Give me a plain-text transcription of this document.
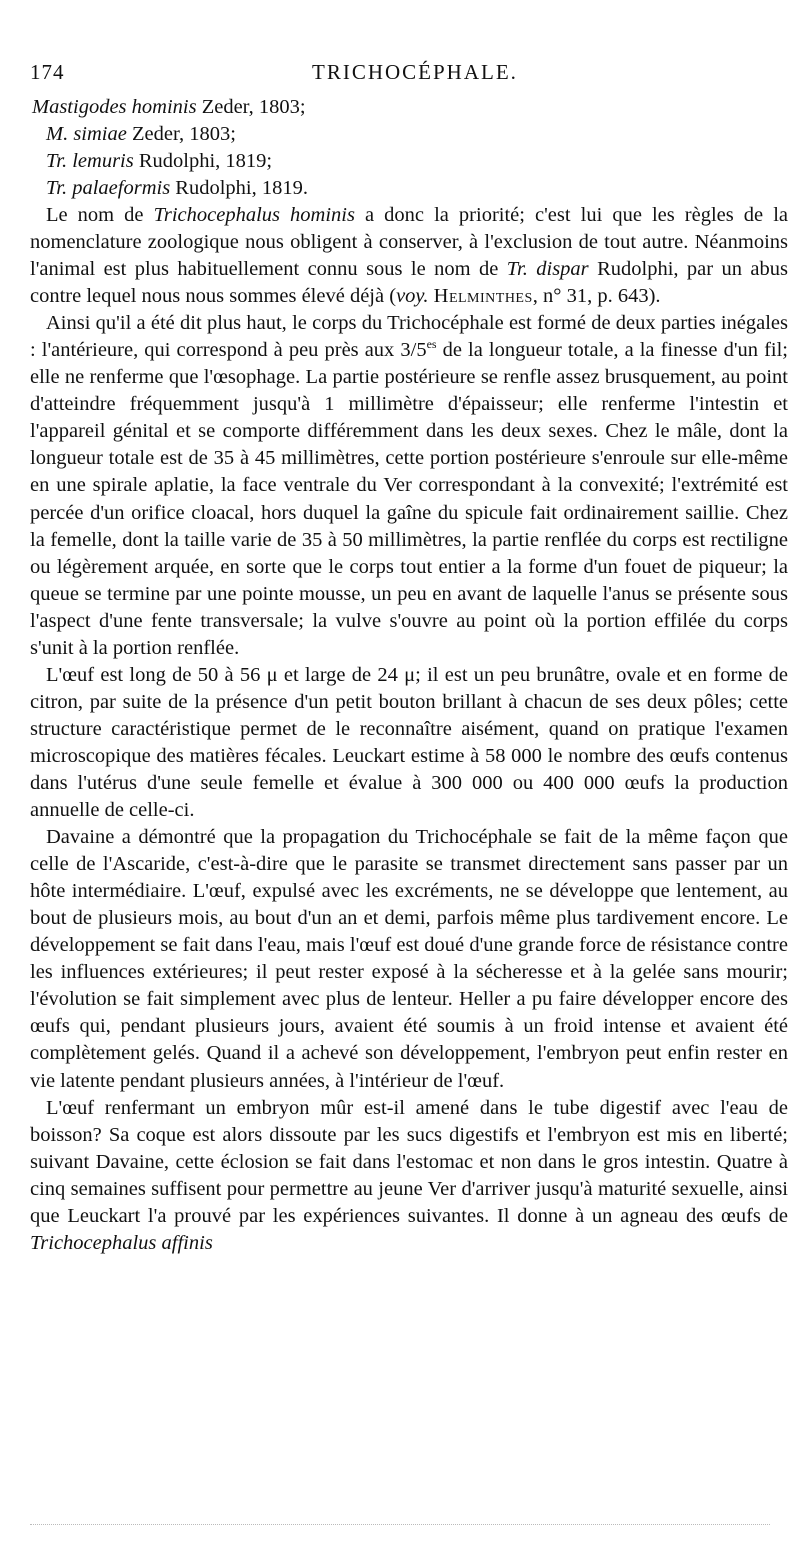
174	TRICHOCÉPHALE.
Mastigodes hominis Zeder, 1803;
M. simiae Zeder, 1803;
Tr. lemuris Rudolphi, 1819;
Tr. palaeformis Rudolphi, 1819.

Le nom de Trichocephalus hominis a donc la priorité; c'est lui que les règles de la nomenclature zoologique nous obligent à conserver, à l'exclusion de tout autre. Néanmoins l'animal est plus habituellement connu sous le nom de Tr. dispar Rudolphi, par un abus contre lequel nous nous sommes élevé déjà (voy. Helminthes, n° 31, p. 643).

Ainsi qu'il a été dit plus haut, le corps du Trichocéphale est formé de deux parties inégales : l'antérieure, qui correspond à peu près aux $3/5^{es}$ de la longueur totale, a la finesse d'un fil; elle ne renferme que l'œsophage. La partie postérieure se renfle assez brusquement, au point d'atteindre fréquemment jusqu'à 1 millimètre d'épaisseur; elle renferme l'intestin et l'appareil génital et se comporte différemment dans les deux sexes. Chez le mâle, dont la longueur totale est de 35 à 45 millimètres, cette portion postérieure s'enroule sur elle-même en une spirale aplatie, la face ventrale du Ver correspondant à la convexité; l'extrémité est percée d'un orifice cloacal, hors duquel la gaîne du spicule fait ordinairement saillie. Chez la femelle, dont la taille varie de 35 à 50 millimètres, la partie renflée du corps est rectiligne ou légèrement arquée, en sorte que le corps tout entier a la forme d'un fouet de piqueur; la queue se termine par une pointe mousse, un peu en avant de laquelle l'anus se présente sous l'aspect d'une fente transversale; la vulve s'ouvre au point où la portion effilée du corps s'unit à la portion renflée.

L'œuf est long de 50 à 56 μ et large de 24 μ; il est un peu brunâtre, ovale et en forme de citron, par suite de la présence d'un petit bouton brillant à chacun de ses deux pôles; cette structure caractéristique permet de le reconnaître aisément, quand on pratique l'examen microscopique des matières fécales. Leuckart estime à 58 000 le nombre des œufs contenus dans l'utérus d'une seule femelle et évalue à 300 000 ou 400 000 œufs la production annuelle de celle-ci.

Davaine a démontré que la propagation du Trichocéphale se fait de la même façon que celle de l'Ascaride, c'est-à-dire que le parasite se transmet directement sans passer par un hôte intermédiaire. L'œuf, expulsé avec les excréments, ne se développe que lentement, au bout de plusieurs mois, au bout d'un an et demi, parfois même plus tardivement encore. Le développement se fait dans l'eau, mais l'œuf est doué d'une grande force de résistance contre les influences extérieures; il peut rester exposé à la sécheresse et à la gelée sans mourir; l'évolution se fait simplement avec plus de lenteur. Heller a pu faire développer encore des œufs qui, pendant plusieurs jours, avaient été soumis à un froid intense et avaient été complètement gelés. Quand il a achevé son développement, l'embryon peut enfin rester en vie latente pendant plusieurs années, à l'intérieur de l'œuf.

L'œuf renfermant un embryon mûr est-il amené dans le tube digestif avec l'eau de boisson? Sa coque est alors dissoute par les sucs digestifs et l'embryon est mis en liberté; suivant Davaine, cette éclosion se fait dans l'estomac et non dans le gros intestin. Quatre à cinq semaines suffisent pour permettre au jeune Ver d'arriver jusqu'à maturité sexuelle, ainsi que Leuckart l'a prouvé par les expériences suivantes. Il donne à un agneau des œufs de Trichocephalus affinis
